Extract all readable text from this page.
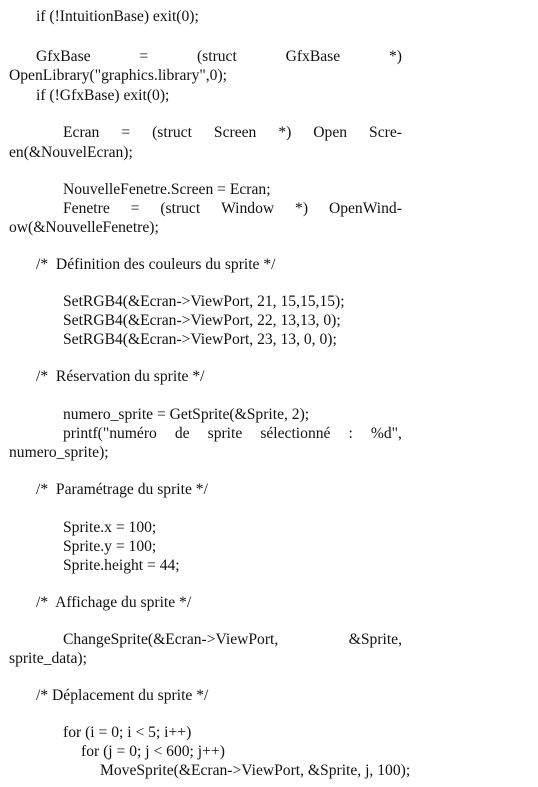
if (!IntuitionBase) exit(0);
GfxBase	=	(struct	GfxBase	*)
OpenLibrary("graphics.library",0);
if (!GfxBase) exit(0);
Ecran = (struct Screen *) Open Scre-
en(&NouvelEcran);
NouvelleFenetre.Screen = Ecran;
Fenetre = (struct Window *) OpenWind-
ow(&NouvelleFenetre);
/*  Définition des couleurs du sprite */
SetRGB4(&Ecran->ViewPort, 21, 15,15,15);
SetRGB4(&Ecran->ViewPort, 22, 13,13, 0);
SetRGB4(&Ecran->ViewPort, 23, 13, 0, 0);
/*  Réservation du sprite */
numero_sprite = GetSprite(&Sprite, 2);
printf("numéro de sprite sélectionné : %d",
numero_sprite);
/*  Paramétrage du sprite */
Sprite.x = 100;
Sprite.y = 100;
Sprite.height = 44;
/*  Affichage du sprite */
ChangeSprite(&Ecran->ViewPort,	&Sprite,
sprite_data);
/* Déplacement du sprite */
for (i = 0; i < 5; i++)
for (j = 0; j < 600; j++)
MoveSprite(&Ecran->ViewPort, &Sprite, j, 100);
